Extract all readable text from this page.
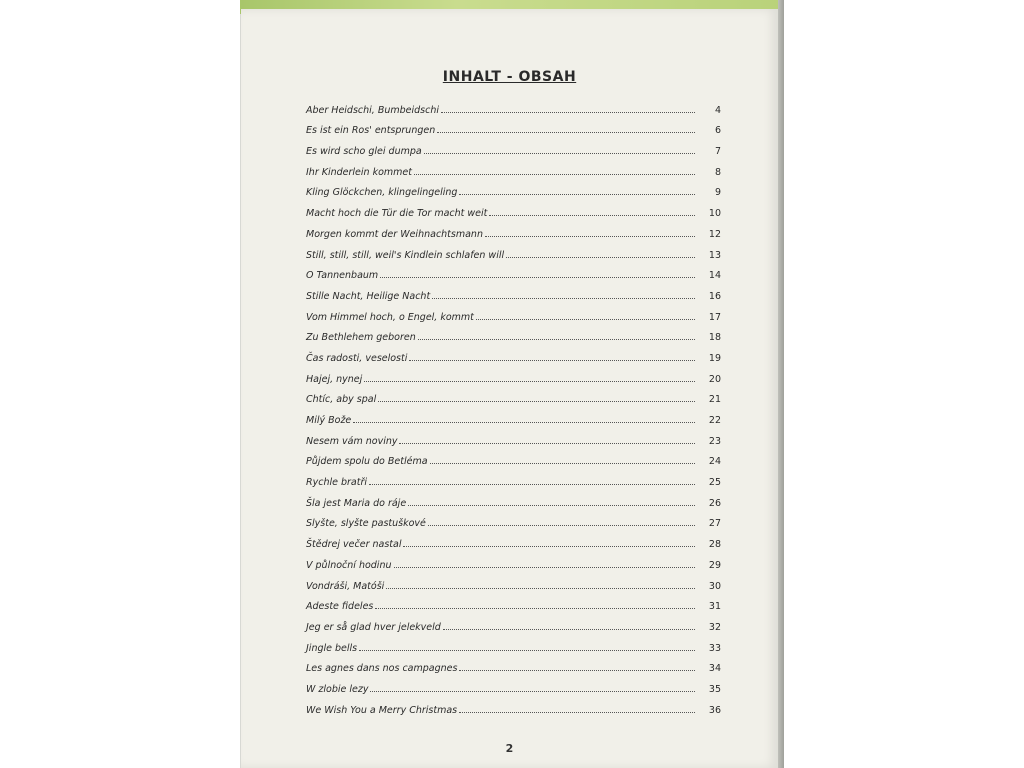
INHALT - OBSAH
Aber Heidschi, Bumbeidschi	4
Es ist ein Ros' entsprungen	6
Es wird scho glei dumpa	7
Ihr Kinderlein kommet	8
Kling Glöckchen, klingelingeling	9
Macht hoch die Tür die Tor macht weit	10
Morgen kommt der Weihnachtsmann	12
Still, still, still, weil's Kindlein schlafen will	13
O Tannenbaum	14
Stille Nacht, Heilige Nacht	16
Vom Himmel hoch, o Engel, kommt	17
Zu Bethlehem geboren	18
Čas radosti, veselosti	19
Hajej, nynej	20
Chtíc, aby spal	21
Milý Bože	22
Nesem vám noviny	23
Půjdem spolu do Betléma	24
Rychle bratři	25
Šla jest Maria do ráje	26
Slyšte, slyšte pastuškové	27
Štědrej večer nastal	28
V půlnoční hodinu	29
Vondráši, Matóši	30
Adeste fideles	31
Jeg er så glad hver jelekveld	32
Jingle bells	33
Les agnes dans nos campagnes	34
W zlobie lezy	35
We Wish You a Merry Christmas	36
2
